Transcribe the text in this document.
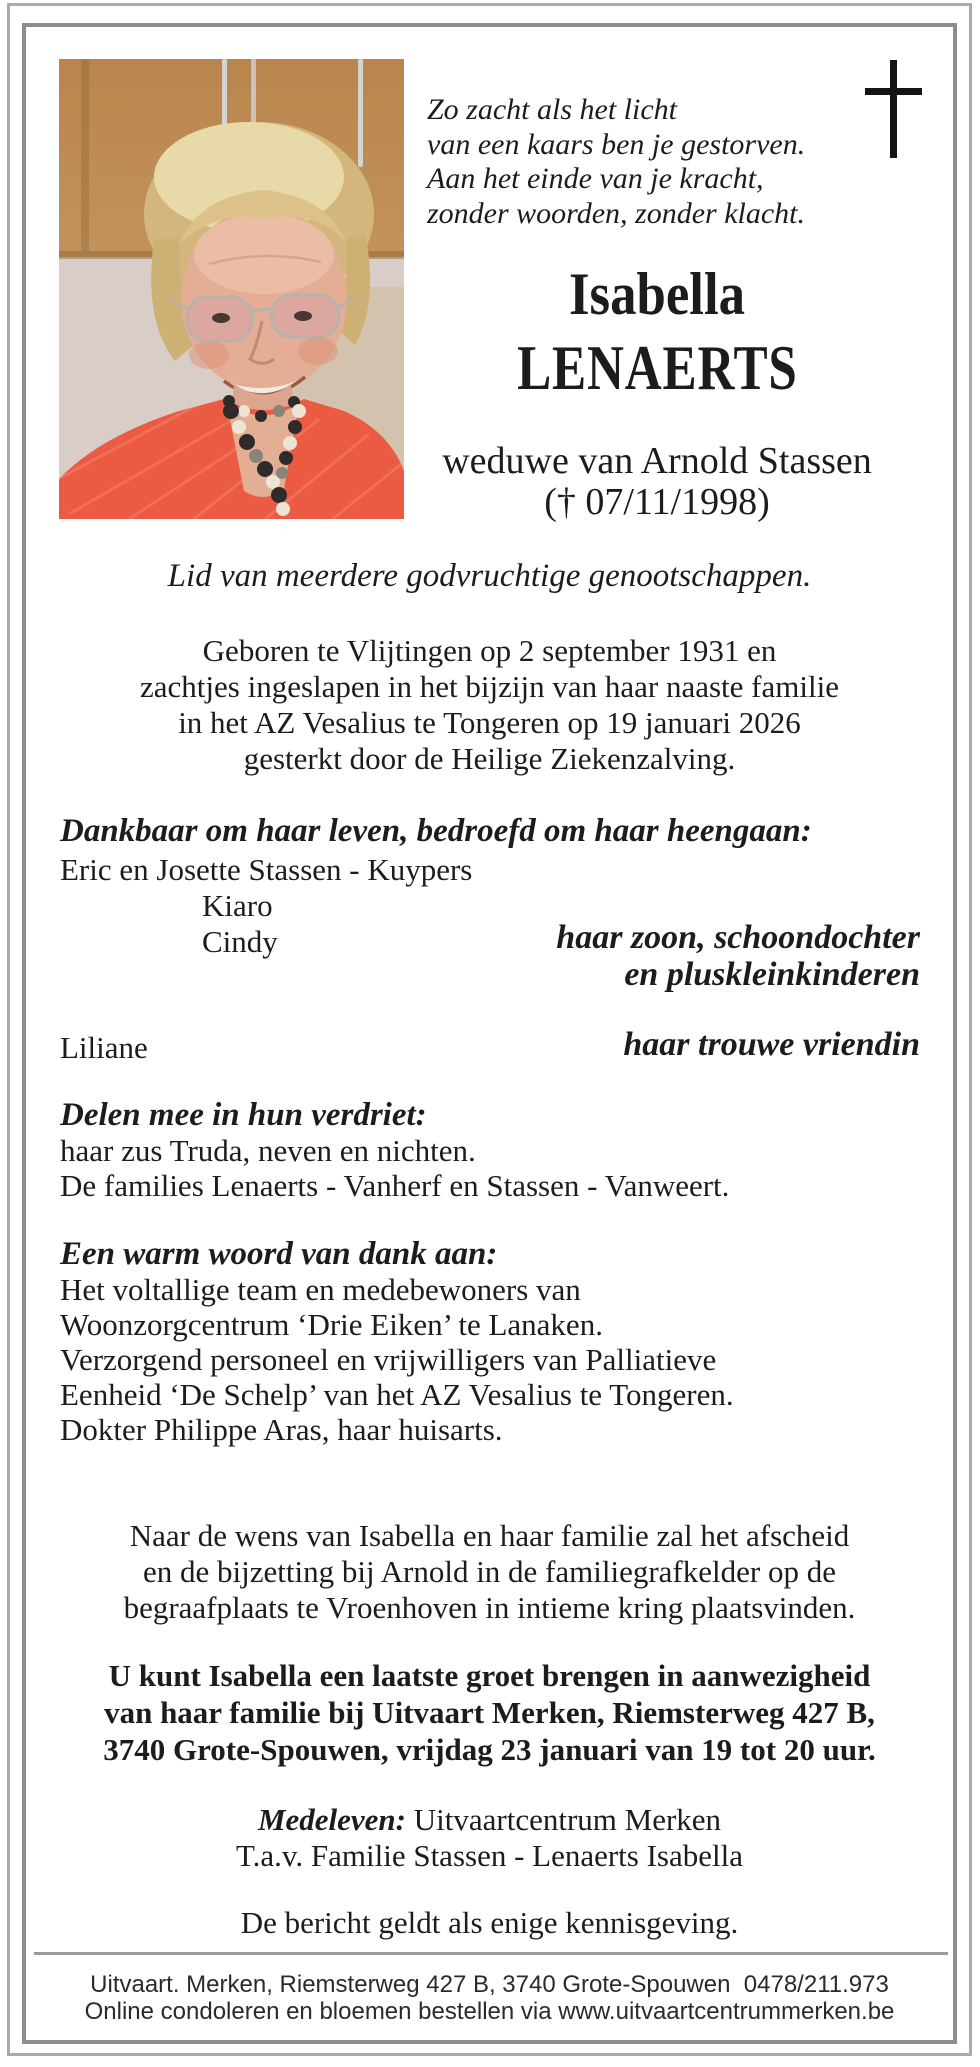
Zo zacht als het licht
van een kaars ben je gestorven.
Aan het einde van je kracht,
zonder woorden, zonder klacht.
Isabella
LENAERTS
weduwe van Arnold Stassen
(† 07/11/1998)
Lid van meerdere godvruchtige genootschappen.
Geboren te Vlijtingen op 2 september 1931 en
zachtjes ingeslapen in het bijzijn van haar naaste familie
in het AZ Vesalius te Tongeren op 19 januari 2026
gesterkt door de Heilige Ziekenzalving.
Dankbaar om haar leven, bedroefd om haar heengaan:
Eric en Josette Stassen - Kuypers
Kiaro
Cindy	haar zoon, schoondochter
en pluskleinkinderen
Liliane	haar trouwe vriendin
Delen mee in hun verdriet:
haar zus Truda, neven en nichten.
De families Lenaerts - Vanherf en Stassen - Vanweert.
Een warm woord van dank aan:
Het voltallige team en medebewoners van
Woonzorgcentrum ‘Drie Eiken’ te Lanaken.
Verzorgend personeel en vrijwilligers van Palliatieve
Eenheid ‘De Schelp’ van het AZ Vesalius te Tongeren.
Dokter Philippe Aras, haar huisarts.
Naar de wens van Isabella en haar familie zal het afscheid
en de bijzetting bij Arnold in de familiegrafkelder op de
begraafplaats te Vroenhoven in intieme kring plaatsvinden.
U kunt Isabella een laatste groet brengen in aanwezigheid
van haar familie bij Uitvaart Merken, Riemsterweg 427 B,
3740 Grote-Spouwen, vrijdag 23 januari van 19 tot 20 uur.
Medeleven: Uitvaartcentrum Merken
T.a.v. Familie Stassen - Lenaerts Isabella
De bericht geldt als enige kennisgeving.
Uitvaart. Merken, Riemsterweg 427 B, 3740 Grote-Spouwen  0478/211.973
Online condoleren en bloemen bestellen via www.uitvaartcentrummerken.be
